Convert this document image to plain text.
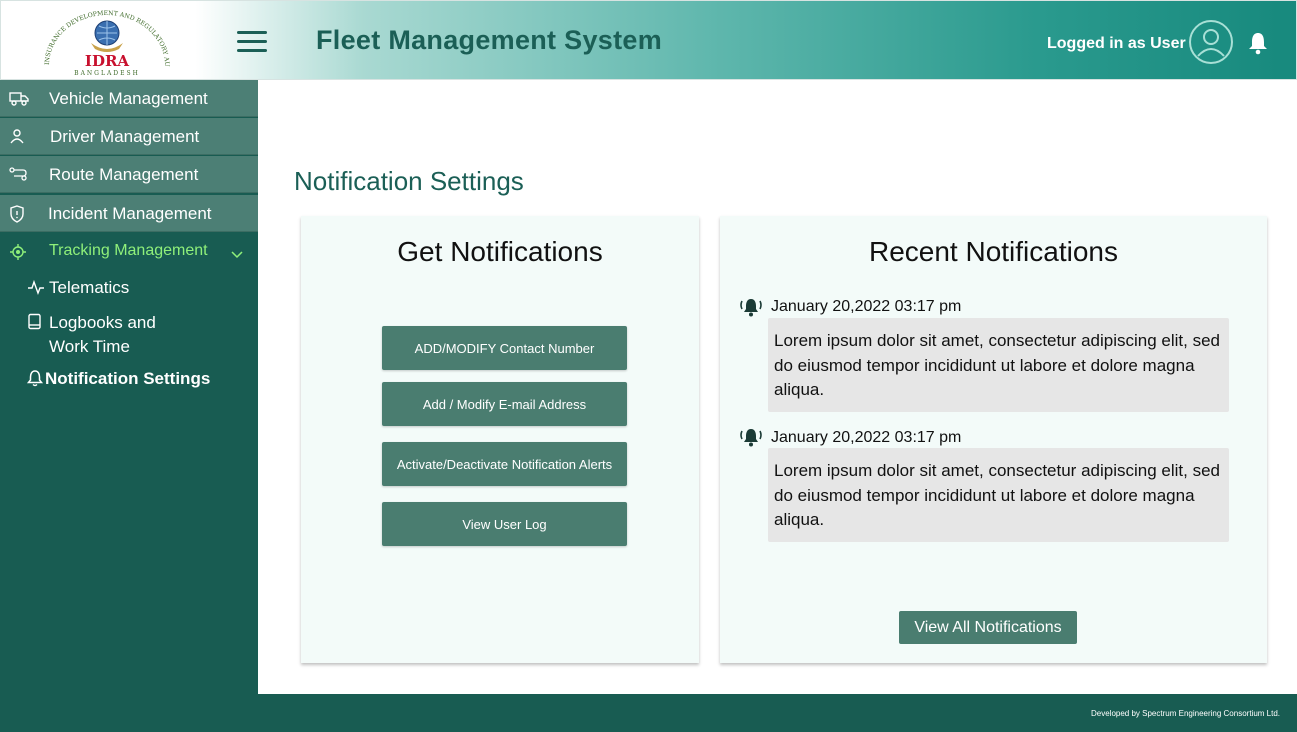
INSURANCE DEVELOPMENT AND REGULATORY AU
IDRA
BANGLADESH
Fleet Management System	Logged in as User
Vehicle Management
Driver Management
Route Management
Incident Management
Tracking Management
Telematics
Logbooks and
Work Time
Notification Settings
Notification Settings
Get Notifications
ADD/MODIFY Contact Number
Add / Modify E-mail Address
Activate/Deactivate Notification Alerts
View User Log
Recent Notifications
January 20,2022 03:17 pm
Lorem ipsum dolor sit amet, consectetur adipiscing elit, sed do eiusmod tempor incididunt ut labore et dolore magna aliqua.
January 20,2022 03:17 pm
Lorem ipsum dolor sit amet, consectetur adipiscing elit, sed do eiusmod tempor incididunt ut labore et dolore magna aliqua.
View All Notifications
Developed by Spectrum Engineering Consortium Ltd.
